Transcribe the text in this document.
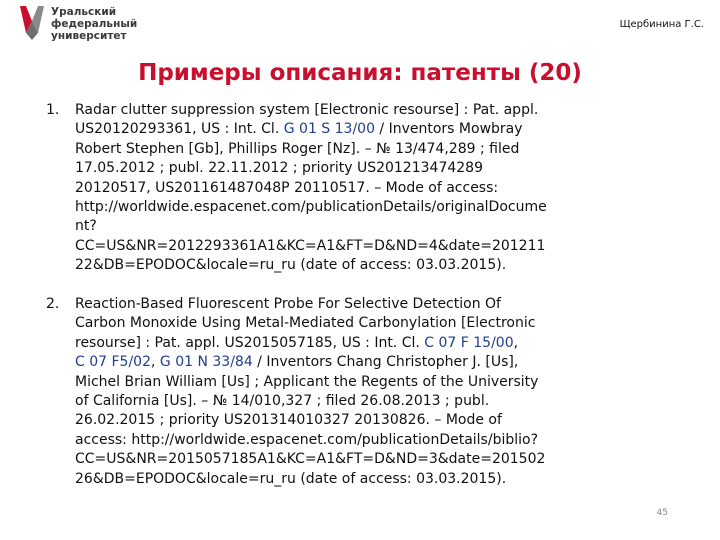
Уральский
федеральный
университет
Щербинина Г.С.
Примеры описания: патенты (20)
1. Radar clutter suppression system [Electronic resourse] : Pat. appl.
US20120293361, US : Int. Cl. G 01 S 13/00 / Inventors Mowbray
Robert Stephen [Gb], Phillips Roger [Nz]. – № 13/474,289 ; filed
17.05.2012 ; publ. 22.11.2012 ; priority US201213474289
20120517, US201161487048P 20110517. – Mode of access:
http://worldwide.espacenet.com/publicationDetails/originalDocume
nt?
CC=US&NR=2012293361A1&KC=A1&FT=D&ND=4&date=201211
22&DB=EPODOC&locale=ru_ru (date of access: 03.03.2015).
2. Reaction-Based Fluorescent Probe For Selective Detection Of
Carbon Monoxide Using Metal-Mediated Carbonylation [Electronic
resourse] : Pat. appl. US2015057185, US : Int. Cl. C 07 F 15/00,
C 07 F5/02, G 01 N 33/84 / Inventors Chang Christopher J. [Us],
Michel Brian William [Us] ; Applicant the Regents of the University
of California [Us]. – № 14/010,327 ; filed 26.08.2013 ; publ.
26.02.2015 ; priority US201314010327 20130826. – Mode of
access: http://worldwide.espacenet.com/publicationDetails/biblio?
CC=US&NR=2015057185A1&KC=A1&FT=D&ND=3&date=201502
26&DB=EPODOC&locale=ru_ru (date of access: 03.03.2015).
45
